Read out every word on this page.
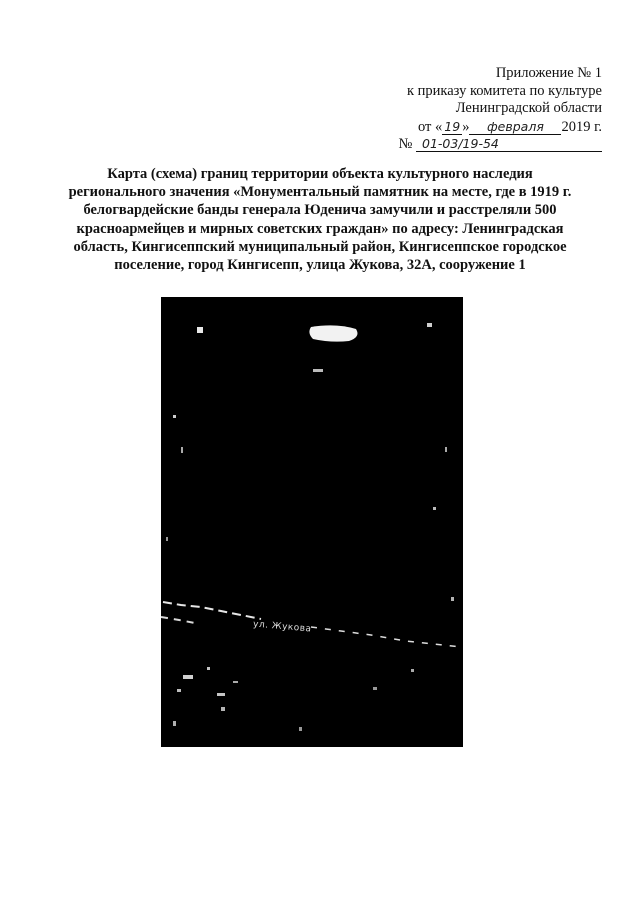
Приложение № 1
к приказу комитета по культуре
Ленинградской области
от « 19 » февраля 2019 г.
№ 01-03/19-54
Карта (схема) границ территории объекта культурного наследия
регионального значения «Монументальный памятник на месте, где в 1919 г.
белогвардейские банды генерала Юденича замучили и расстреляли 500
красноармейцев и мирных советских граждан» по адресу: Ленинградская
область, Кингисеппский муниципальный район, Кингисеппское городское
поселение, город Кингисепп, улица Жукова, 32А, сооружение 1
ул. Жукова
